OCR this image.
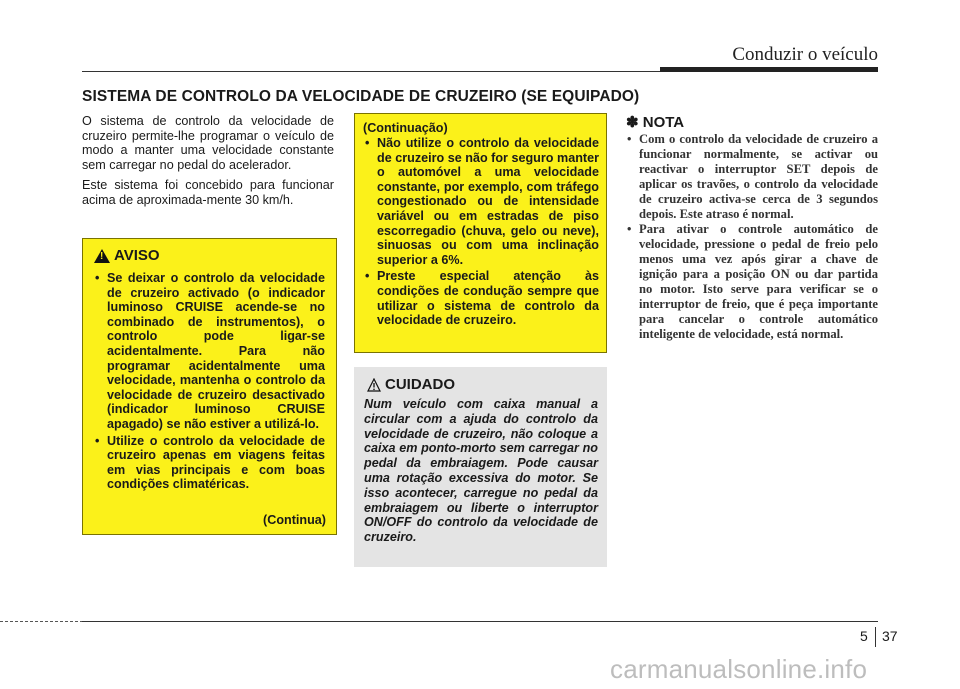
Conduzir o veículo
SISTEMA DE CONTROLO DA VELOCIDADE DE CRUZEIRO (SE EQUIPADO)

O sistema de controlo da velocidade de cruzeiro permite-lhe programar o veículo de modo a manter uma velocidade constante sem carregar no pedal do acelerador.

Este sistema foi concebido para funcionar acima de aproximada-mente 30 km/h.

!
AVISO
• Se deixar o controlo da velocidade de cruzeiro activado (o indicador luminoso CRUISE acende-se no combinado de instrumentos), o controlo pode ligar-se acidentalmente. Para não programar acidentalmente uma velocidade, mantenha o controlo da velocidade de cruzeiro desactivado (indicador luminoso CRUISE apagado) se não estiver a utilizá-lo.
• Utilize o controlo da velocidade de cruzeiro apenas em viagens feitas em vias principais e com boas condições climatéricas.
(Continua)
(Continuação)
• Não utilize o controlo da velocidade de cruzeiro se não for seguro manter o automóvel a uma velocidade constante, por exemplo, com tráfego congestionado ou de intensidade variável ou em estradas de piso escorregadio (chuva, gelo ou neve), sinuosas ou com uma inclinação superior a 6%.
• Preste especial atenção às condições de condução sempre que utilizar o sistema de controlo da velocidade de cruzeiro.
CUIDADO
Num veículo com caixa manual a circular com a ajuda do controlo da velocidade de cruzeiro, não coloque a caixa em ponto-morto sem carregar no pedal da embraiagem. Pode causar uma rotação excessiva do motor. Se isso acontecer, carregue no pedal da embraiagem ou liberte o interruptor ON/OFF do controlo da velocidade de cruzeiro.
✽ NOTA
• Com o controlo da velocidade de cruzeiro a funcionar normalmente, se activar ou reactivar o interruptor SET depois de aplicar os travões, o controlo da velocidade de cruzeiro activa-se cerca de 3 segundos depois. Este atraso é normal.
• Para ativar o controle automático de velocidade, pressione o pedal de freio pelo menos uma vez após girar a chave de ignição para a posição ON ou dar partida no motor. Isto serve para verificar se o interruptor de freio, que é peça importante para cancelar o controle automático inteligente de velocidade, está normal.
5 37
carmanualsonline.info
